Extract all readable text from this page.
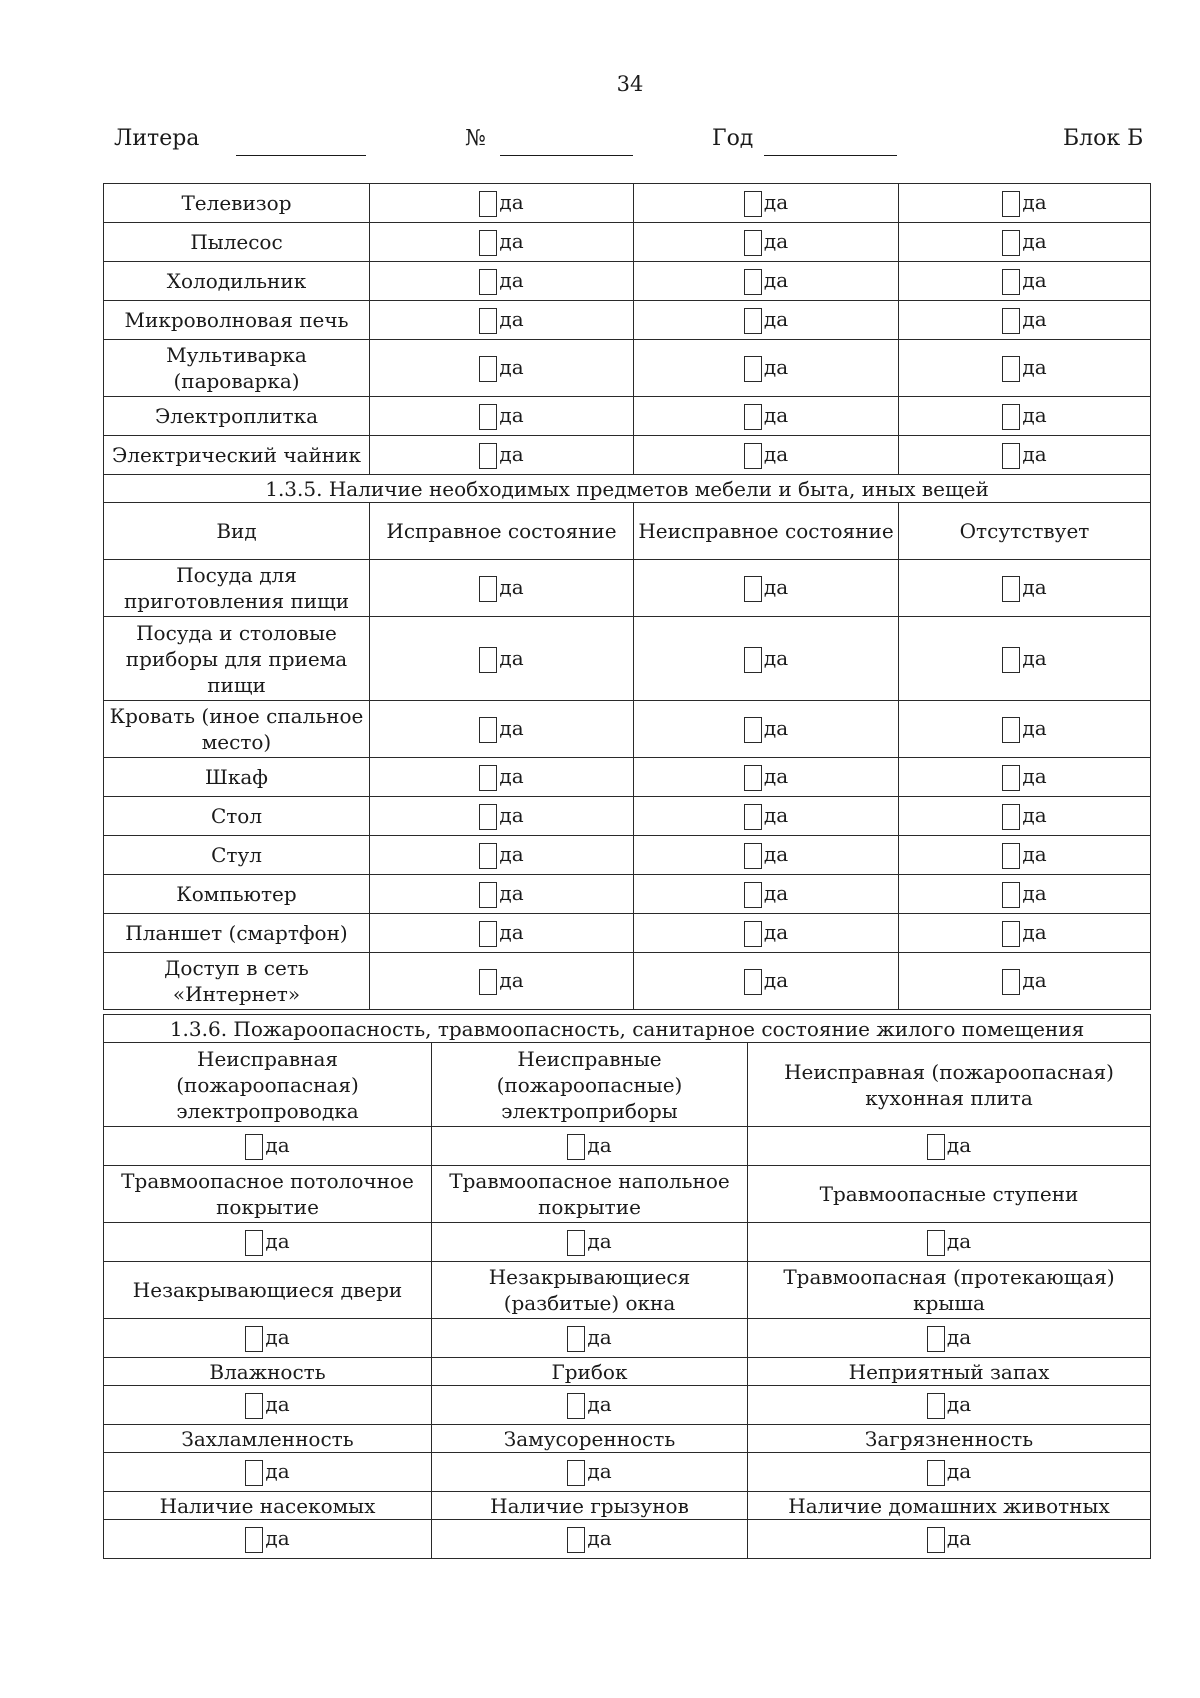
34
Литера	№	Год	Блок Б
Телевизор	да	да	да
Пылесос	да	да	да
Холодильник	да	да	да
Микроволновая печь	да	да	да
Мультиварка (пароварка)	да	да	да
Электроплитка	да	да	да
Электрический чайник	да	да	да
1.3.5. Наличие необходимых предметов мебели и быта, иных вещей			
Вид	Исправное состояние	Неисправное состояние	Отсутствует
Посуда для приготовления пищи	да	да	да
Посуда и столовые приборы для приема пищи	да	да	да
Кровать (иное спальное место)	да	да	да
Шкаф	да	да	да
Стол	да	да	да
Стул	да	да	да
Компьютер	да	да	да
Планшет (смартфон)	да	да	да
Доступ в сеть «Интернет»	да	да	да
1.3.6. Пожароопасность, травмоопасность, санитарное состояние жилого помещения		
Неисправная (пожароопасная) электропроводка	Неисправные (пожароопасные) электроприборы	Неисправная (пожароопасная) кухонная плита
да	да	да
Травмоопасное потолочное покрытие	Травмоопасное напольное покрытие	Травмоопасные ступени
да	да	да
Незакрывающиеся двери	Незакрывающиеся (разбитые) окна	Травмоопасная (протекающая) крыша
да	да	да
Влажность	Грибок	Неприятный запах
да	да	да
Захламленность	Замусоренность	Загрязненность
да	да	да
Наличие насекомых	Наличие грызунов	Наличие домашних животных
да	да	да
